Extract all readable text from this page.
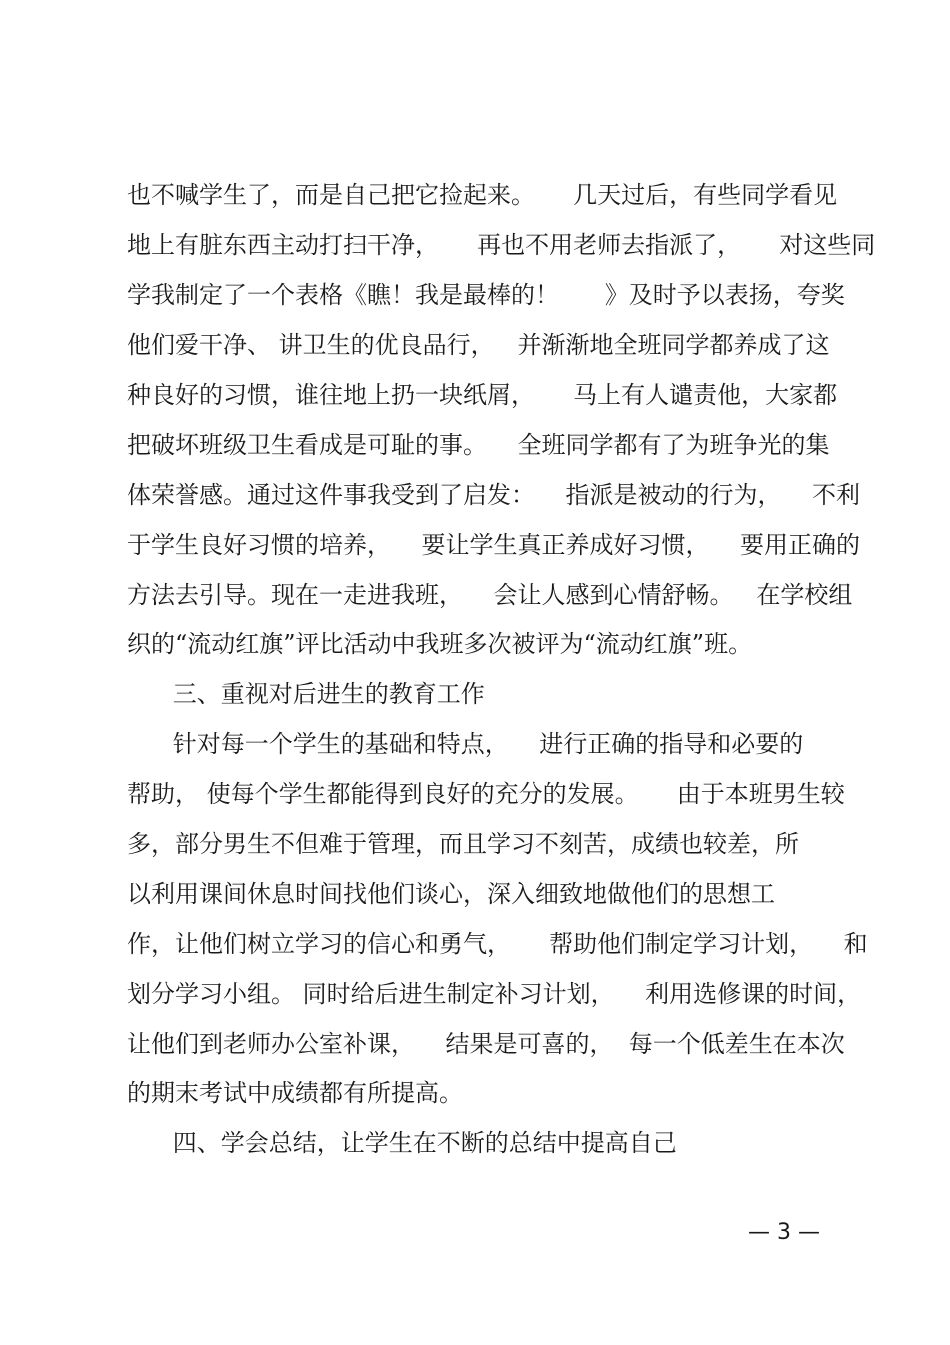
也不喊学生了，而是自己把它捡起来。     几天过后，有些同学看见
地上有脏东西主动打扫干净，     再也不用老师去指派了，     对这些同
学我制定了一个表格《瞧！我是最棒的！      》及时予以表扬，夸奖
他们爱干净、 讲卫生的优良品行，   并渐渐地全班同学都养成了这
种良好的习惯，谁往地上扔一块纸屑，     马上有人谴责他，大家都
把破坏班级卫生看成是可耻的事。    全班同学都有了为班争光的集
体荣誉感。通过这件事我受到了启发：    指派是被动的行为，    不利
于学生良好习惯的培养，    要让学生真正养成好习惯，    要用正确的
方法去引导。现在一走进我班，    会让人感到心情舒畅。   在学校组
织的“流动红旗”评比活动中我班多次被评为“流动红旗”班。
三、重视对后进生的教育工作
针对每一个学生的基础和特点，    进行正确的指导和必要的
帮助， 使每个学生都能得到良好的充分的发展。     由于本班男生较
多，部分男生不但难于管理，而且学习不刻苦，成绩也较差，所
以利用课间休息时间找他们谈心，深入细致地做他们的思想工
作，让他们树立学习的信心和勇气，     帮助他们制定学习计划，    和
划分学习小组。 同时给后进生制定补习计划，    利用选修课的时间，
让他们到老师办公室补课，    结果是可喜的，  每一个低差生在本次
的期末考试中成绩都有所提高。
四、学会总结，让学生在不断的总结中提高自己
— 3 —
